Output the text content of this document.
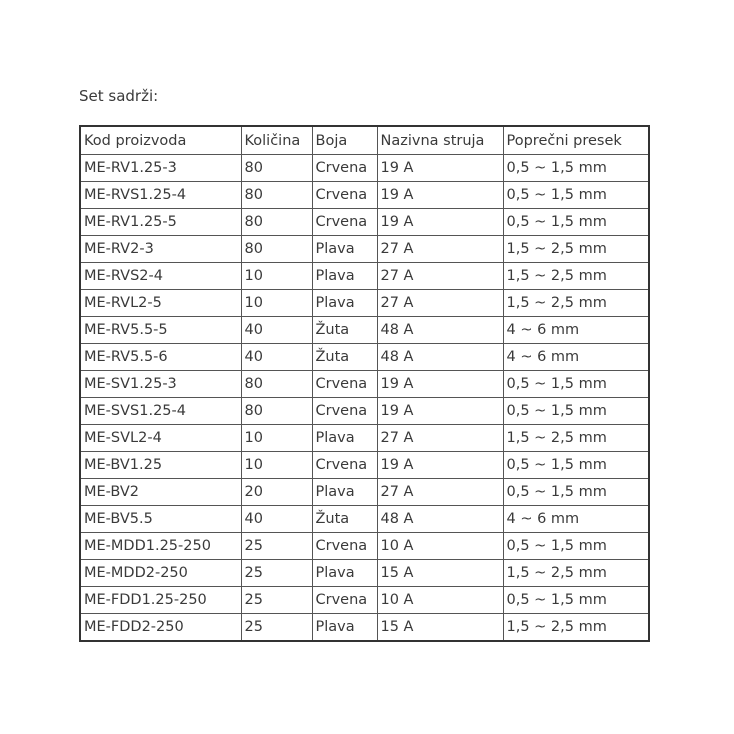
Set sadrži:
Kod proizvoda	Količina	Boja	Nazivna struja	Poprečni presek
ME-RV1.25-3	80	Crvena	19 A	0,5 ~ 1,5 mm
ME-RVS1.25-4	80	Crvena	19 A	0,5 ~ 1,5 mm
ME-RV1.25-5	80	Crvena	19 A	0,5 ~ 1,5 mm
ME-RV2-3	80	Plava	27 A	1,5 ~ 2,5 mm
ME-RVS2-4	10	Plava	27 A	1,5 ~ 2,5 mm
ME-RVL2-5	10	Plava	27 A	1,5 ~ 2,5 mm
ME-RV5.5-5	40	Žuta	48 A	4 ~ 6 mm
ME-RV5.5-6	40	Žuta	48 A	4 ~ 6 mm
ME-SV1.25-3	80	Crvena	19 A	0,5 ~ 1,5 mm
ME-SVS1.25-4	80	Crvena	19 A	0,5 ~ 1,5 mm
ME-SVL2-4	10	Plava	27 A	1,5 ~ 2,5 mm
ME-BV1.25	10	Crvena	19 A	0,5 ~ 1,5 mm
ME-BV2	20	Plava	27 A	0,5 ~ 1,5 mm
ME-BV5.5	40	Žuta	48 A	4 ~ 6 mm
ME-MDD1.25-250	25	Crvena	10 A	0,5 ~ 1,5 mm
ME-MDD2-250	25	Plava	15 A	1,5 ~ 2,5 mm
ME-FDD1.25-250	25	Crvena	10 A	0,5 ~ 1,5 mm
ME-FDD2-250	25	Plava	15 A	1,5 ~ 2,5 mm
